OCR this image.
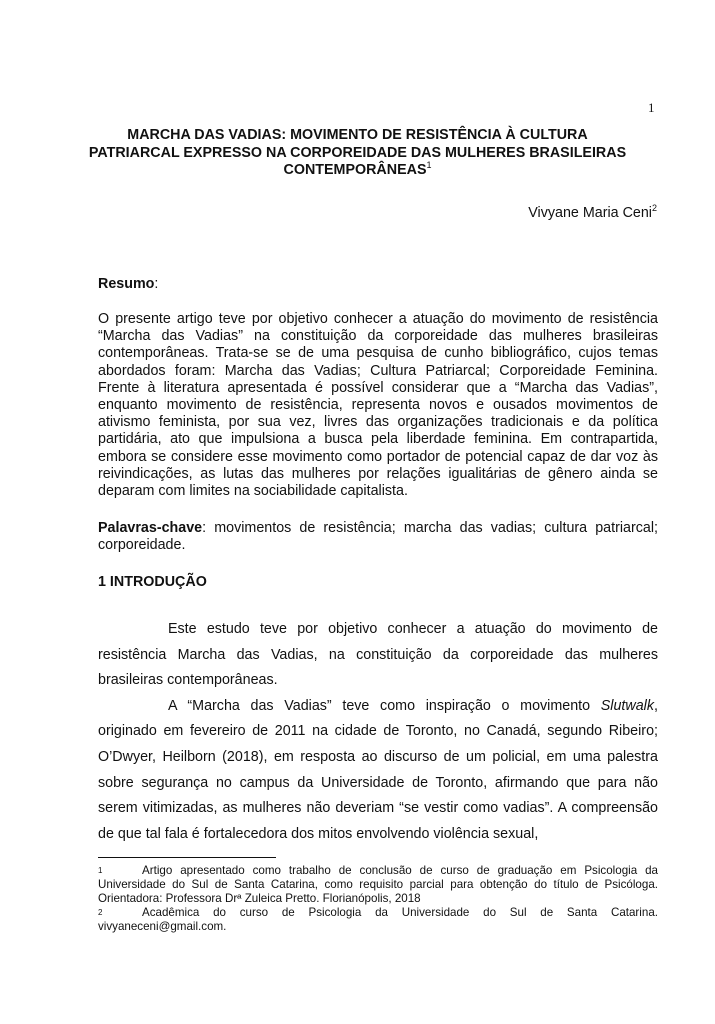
1
MARCHA DAS VADIAS: MOVIMENTO DE RESISTÊNCIA À CULTURA
PATRIARCAL EXPRESSO NA CORPOREIDADE DAS MULHERES BRASILEIRAS
CONTEMPORÂNEAS$^1$
Vivyane Maria Ceni$^2$
Resumo:

O presente artigo teve por objetivo conhecer a atuação do movimento de resistência “Marcha das Vadias” na constituição da corporeidade das mulheres brasileiras contemporâneas. Trata-se se de uma pesquisa de cunho bibliográfico, cujos temas abordados foram: Marcha das Vadias; Cultura Patriarcal; Corporeidade Feminina. Frente à literatura apresentada é possível considerar que a “Marcha das Vadias”, enquanto movimento de resistência, representa novos e ousados movimentos de ativismo feminista, por sua vez, livres das organizações tradicionais e da política partidária, ato que impulsiona a busca pela liberdade feminina. Em contrapartida, embora se considere esse movimento como portador de potencial capaz de dar voz às reivindicações, as lutas das mulheres por relações igualitárias de gênero ainda se deparam com limites na sociabilidade capitalista.

Palavras-chave: movimentos de resistência; marcha das vadias; cultura patriarcal; corporeidade.

1 INTRODUÇÃO

Este estudo teve por objetivo conhecer a atuação do movimento de resistência Marcha das Vadias, na constituição da corporeidade das mulheres brasileiras contemporâneas.

A “Marcha das Vadias” teve como inspiração o movimento Slutwalk, originado em fevereiro de 2011 na cidade de Toronto, no Canadá, segundo Ribeiro; O’Dwyer, Heilborn (2018), em resposta ao discurso de um policial, em uma palestra sobre segurança no campus da Universidade de Toronto, afirmando que para não serem vitimizadas, as mulheres não deveriam “se vestir como vadias”. A compreensão de que tal fala é fortalecedora dos mitos envolvendo violência sexual,

1	Artigo apresentado como trabalho de conclusão de curso de graduação em Psicologia da Universidade do Sul de Santa Catarina, como requisito parcial para obtenção do título de Psicóloga. Orientadora: Professora Drª Zuleica Pretto. Florianópolis, 2018

2	Acadêmica do curso de Psicologia da Universidade do Sul de Santa Catarina. vivyaneceni@gmail.com.
